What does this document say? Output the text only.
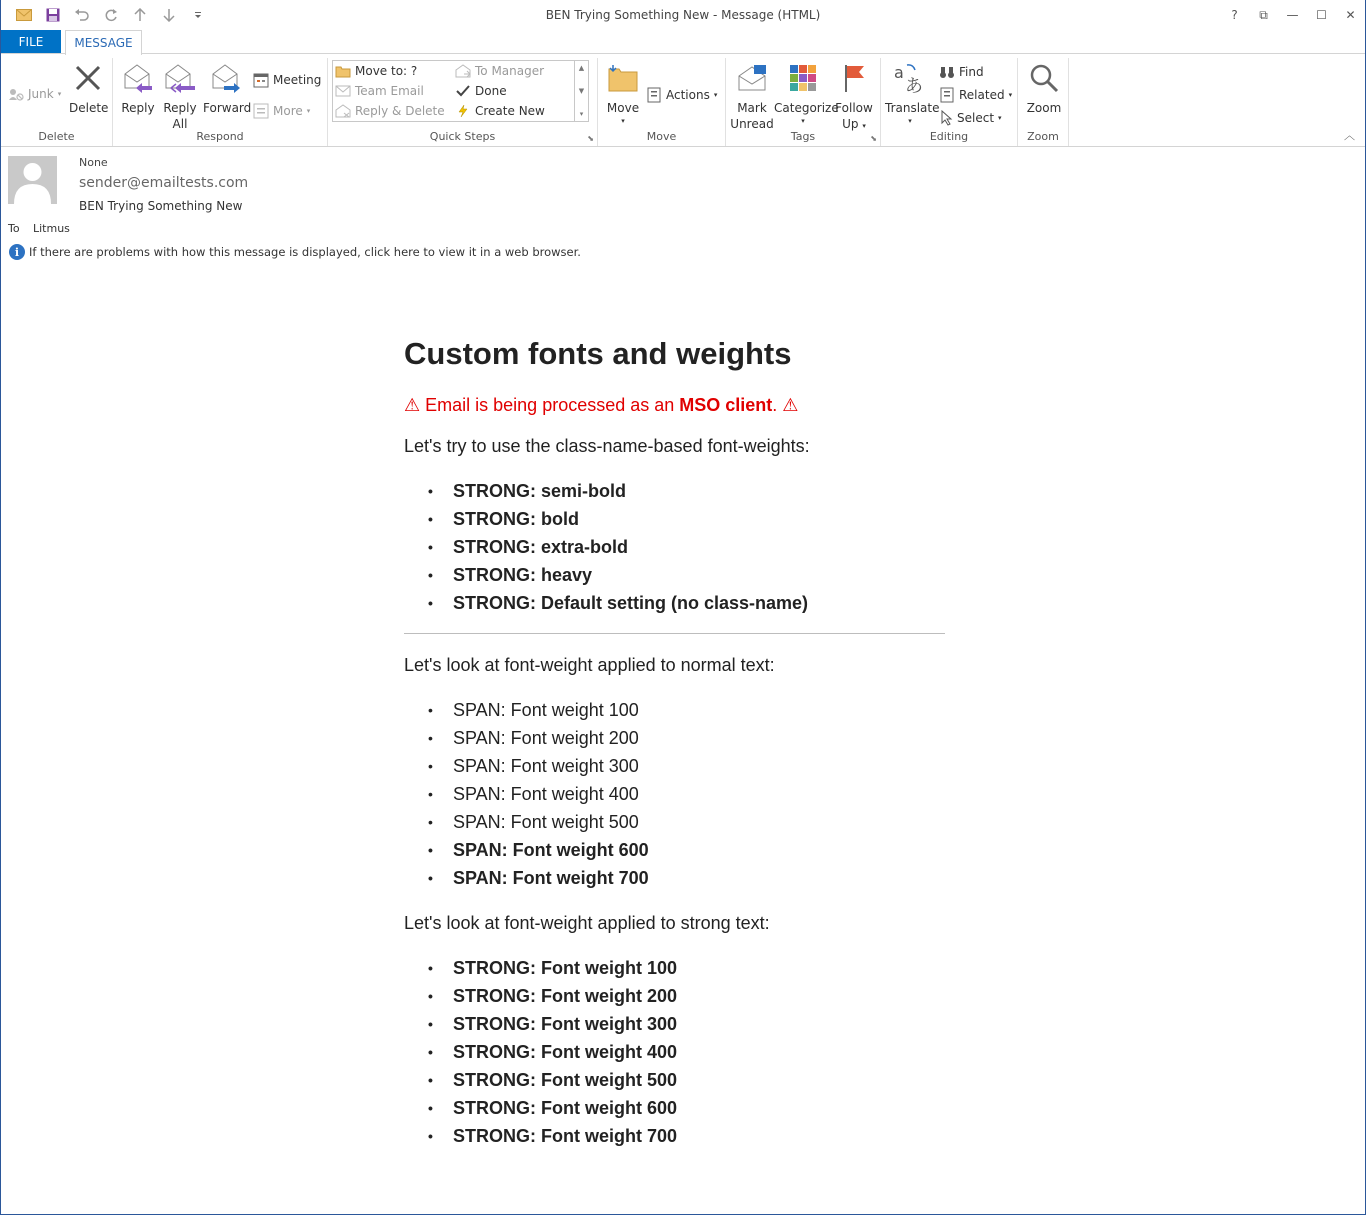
BEN Trying Something New - Message (HTML)	?	⧉	—	☐	✕
FILE	MESSAGE
Junk ▾
Delete
Delete
Reply Reply
All
Forward
Meeting
More ▾
Respond
Move to: ?
Team Email
Reply & Delete
To Manager
Done
Create New
▲
▼
▾
Quick Steps	⬊
Move
▾
Actions ▾
Move
Mark
Unread
Categorize
▾
Follow
Up ▾
Tags	⬊
a
あ
Translate
▾
Find
Related ▾
Select ▾
Editing
Zoom
Zoom	︿
None
sender@emailtests.com
BEN Trying Something New
To Litmus
i If there are problems with how this message is displayed, click here to view it in a web browser.
Custom fonts and weights

⚠ Email is being processed as an MSO client. ⚠

Let's try to use the class-name-based font-weights:

• STRONG: semi-bold
• STRONG: bold
• STRONG: extra-bold
• STRONG: heavy
• STRONG: Default setting (no class-name)

Let's look at font-weight applied to normal text:

• SPAN: Font weight 100
• SPAN: Font weight 200
• SPAN: Font weight 300
• SPAN: Font weight 400
• SPAN: Font weight 500
• SPAN: Font weight 600
• SPAN: Font weight 700

Let's look at font-weight applied to strong text:

• STRONG: Font weight 100
• STRONG: Font weight 200
• STRONG: Font weight 300
• STRONG: Font weight 400
• STRONG: Font weight 500
• STRONG: Font weight 600
• STRONG: Font weight 700
